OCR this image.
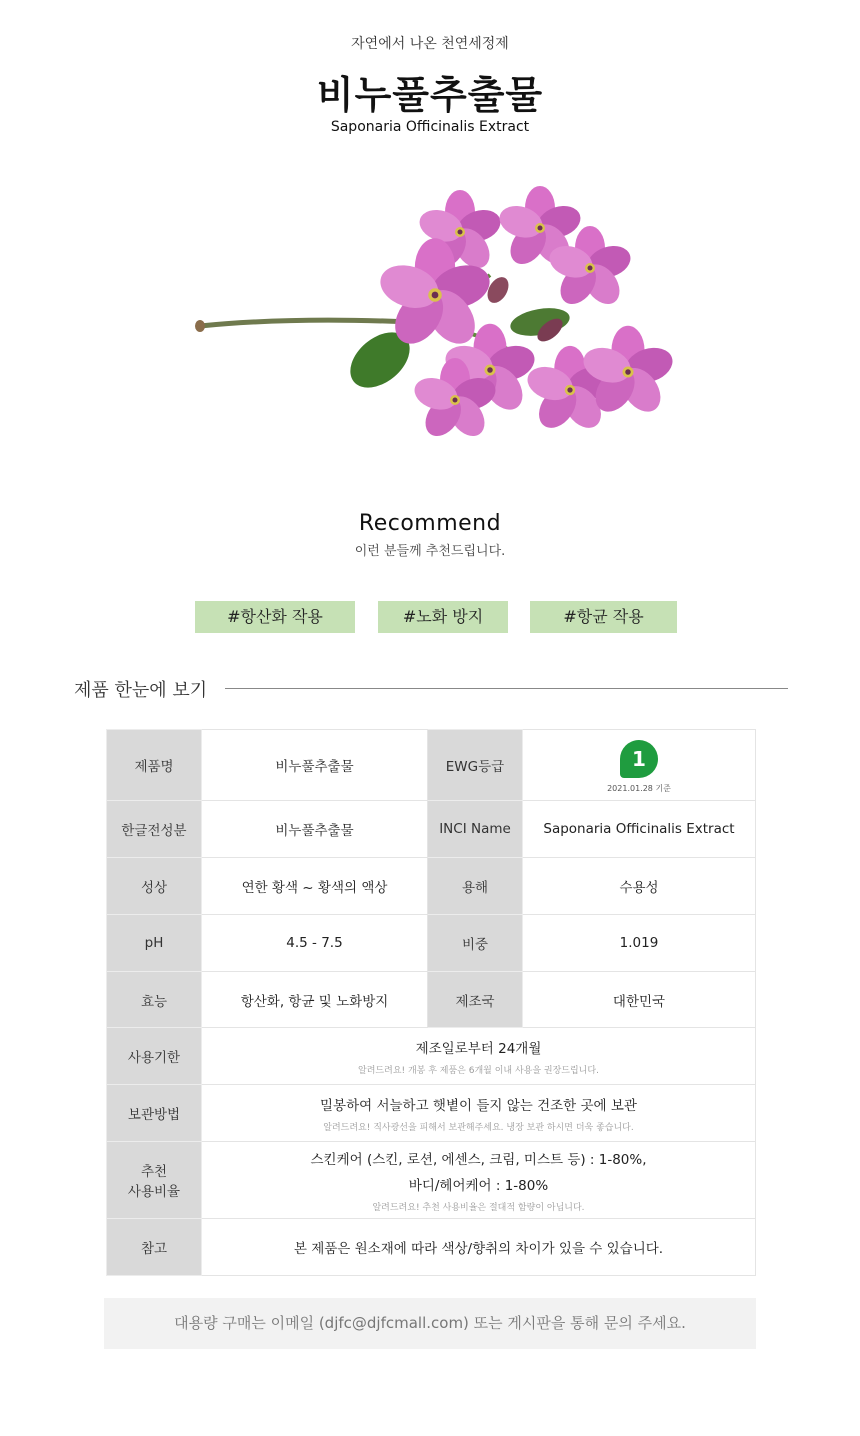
자연에서 나온 천연세정제
비누풀추출물
Saponaria Officinalis Extract
Recommend
이런 분들께 추천드립니다.
#항산화 작용	#노화 방지	#항균 작용
제품 한눈에 보기
제품명	비누풀추출물	EWG등급	1
2021.01.28 기준

한글전성분	비누풀추출물	INCI Name	Saponaria Officinalis Extract
성상	연한 황색 ~ 황색의 액상	용해	수용성
pH	4.5 - 7.5	비중	1.019
효능	항산화, 항균 및 노화방지	제조국	대한민국
사용기한	제조일로부터 24개월
알려드려요! 개봉 후 제품은 6개월 이내 사용을 권장드립니다.		

보관방법	밀봉하여 서늘하고 햇볕이 들지 않는 건조한 곳에 보관
알려드려요! 직사광선을 피해서 보관해주세요. 냉장 보관 하시면 더욱 좋습니다.		

추천
사용비율	스킨케어 (스킨, 로션, 에센스, 크림, 미스트 등) : 1-80%,
바디/헤어케어 : 1-80%
알려드려요! 추천 사용비율은 절대적 함량이 아닙니다.		

참고	본 제품은 원소재에 따라 색상/향취의 차이가 있을 수 있습니다.		
대용량 구매는 이메일 (djfc@djfcmall.com) 또는 게시판을 통해 문의 주세요.
